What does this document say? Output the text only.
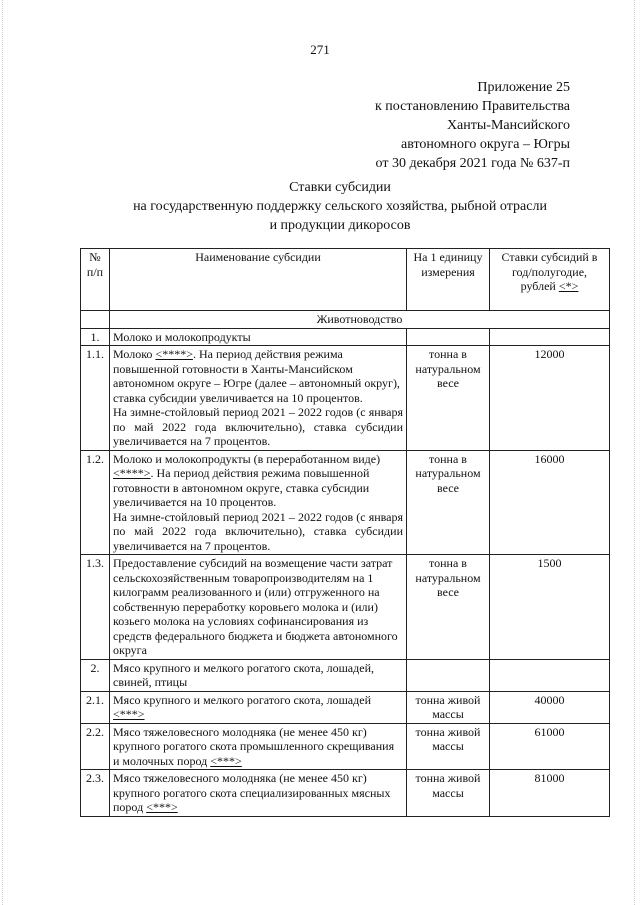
271
Приложение 25
к постановлению Правительства
Ханты-Мансийского
автономного округа – Югры
от 30 декабря 2021 года № 637-п
Ставки субсидии
на государственную поддержку сельского хозяйства, рыбной отрасли
и продукции дикоросов
№ п/п	Наименование субсидии	На 1 единицу измерения	Ставки субсидий в год/полугодие, рублей <*>
	Животноводство		
1.	Молоко и молокопродукты		
1.1.	Молоко <****>. На период действия режима повышенной готовности в Ханты-Мансийском автономном округе – Югре (далее – автономный округ), ставка субсидии увеличивается на 10 процентов.
На зимне-стойловый период 2021 – 2022 годов (с января по май 2022 года включительно), ставка субсидии увеличивается на 7 процентов.	тонна в натуральном весе	12000
1.2.	Молоко и молокопродукты (в переработанном виде) <****>. На период действия режима повышенной готовности в автономном округе, ставка субсидии увеличивается на 10 процентов.
На зимне-стойловый период 2021 – 2022 годов (с января по май 2022 года включительно), ставка субсидии увеличивается на 7 процентов.	тонна в натуральном весе	16000
1.3.	Предоставление субсидий на возмещение части затрат сельскохозяйственным товаропроизводителям на 1 килограмм реализованного и (или) отгруженного на собственную переработку коровьего молока и (или) козьего молока на условиях софинансирования из средств федерального бюджета и бюджета автономного округа	тонна в натуральном весе	1500
2.	Мясо крупного и мелкого рогатого скота, лошадей, свиней, птицы		
2.1.	Мясо крупного и мелкого рогатого скота, лошадей <***>	тонна живой массы	40000
2.2.	Мясо тяжеловесного молодняка (не менее 450 кг) крупного рогатого скота промышленного скрещивания и молочных пород <***>	тонна живой массы	61000
2.3.	Мясо тяжеловесного молодняка (не менее 450 кг) крупного рогатого скота специализированных мясных пород <***>	тонна живой массы	81000
